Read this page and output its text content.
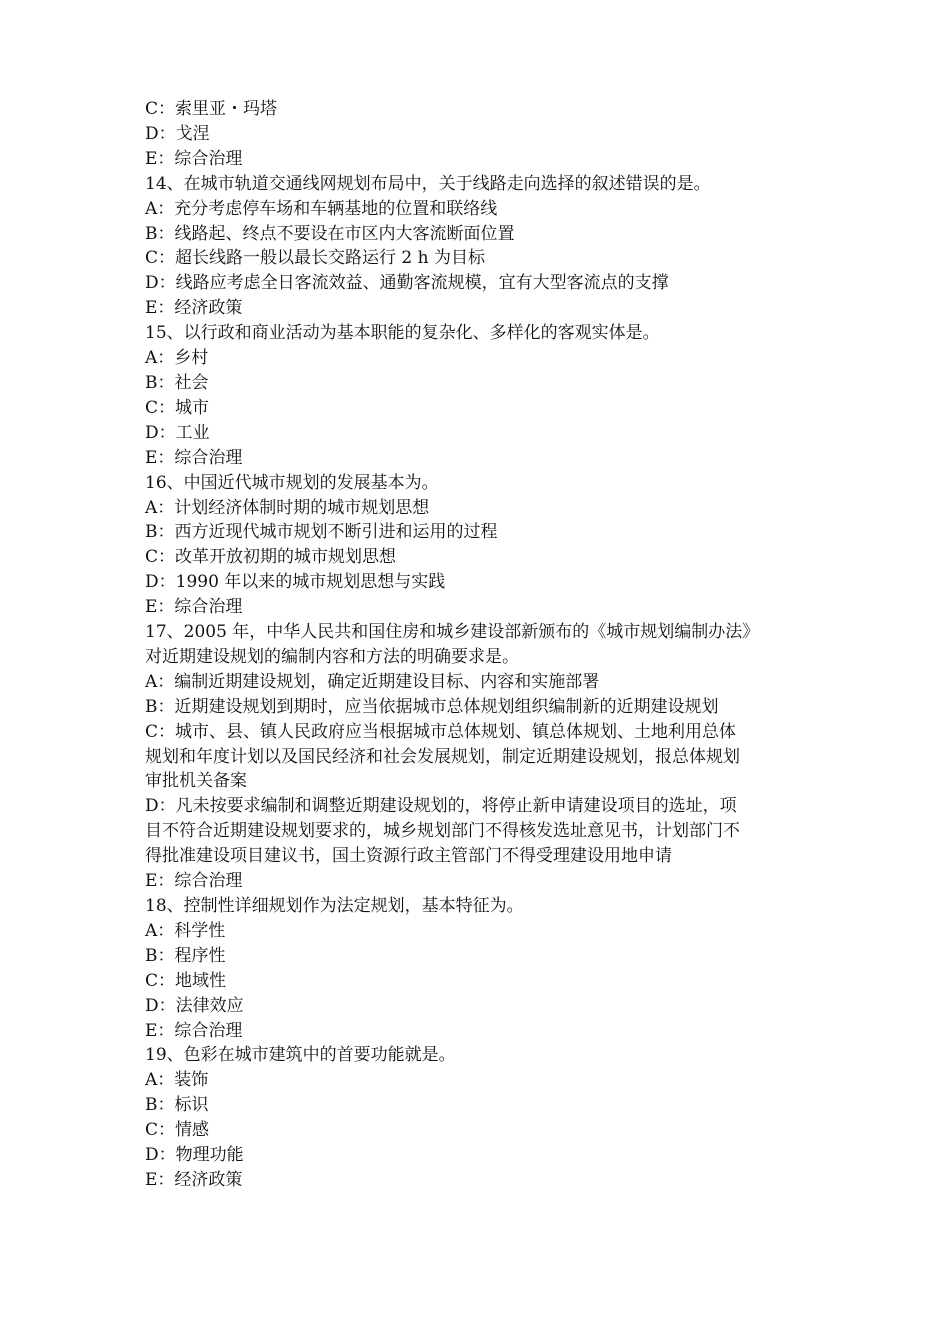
C：索里亚・玛塔

D：戈涅

E：综合治理

14、在城市轨道交通线网规划布局中，关于线路走向选择的叙述错误的是。

A：充分考虑停车场和车辆基地的位置和联络线

B：线路起、终点不要设在市区内大客流断面位置

C：超长线路一般以最长交路运行 2 h 为目标

D：线路应考虑全日客流效益、通勤客流规模，宜有大型客流点的支撑

E：经济政策

15、以行政和商业活动为基本职能的复杂化、多样化的客观实体是。

A：乡村

B：社会

C：城市

D：工业

E：综合治理

16、中国近代城市规划的发展基本为。

A：计划经济体制时期的城市规划思想

B：西方近现代城市规划不断引进和运用的过程

C：改革开放初期的城市规划思想

D：1990 年以来的城市规划思想与实践

E：综合治理

17、2005 年，中华人民共和国住房和城乡建设部新颁布的《城市规划编制办法》

对近期建设规划的编制内容和方法的明确要求是。

A：编制近期建设规划，确定近期建设目标、内容和实施部署

B：近期建设规划到期时，应当依据城市总体规划组织编制新的近期建设规划

C：城市、县、镇人民政府应当根据城市总体规划、镇总体规划、土地利用总体

规划和年度计划以及国民经济和社会发展规划，制定近期建设规划，报总体规划

审批机关备案

D：凡未按要求编制和调整近期建设规划的，将停止新申请建设项目的选址，项

目不符合近期建设规划要求的，城乡规划部门不得核发选址意见书，计划部门不

得批准建设项目建议书，国土资源行政主管部门不得受理建设用地申请

E：综合治理

18、控制性详细规划作为法定规划，基本特征为。

A：科学性

B：程序性

C：地域性

D：法律效应

E：综合治理

19、色彩在城市建筑中的首要功能就是。

A：装饰

B：标识

C：情感

D：物理功能

E：经济政策
